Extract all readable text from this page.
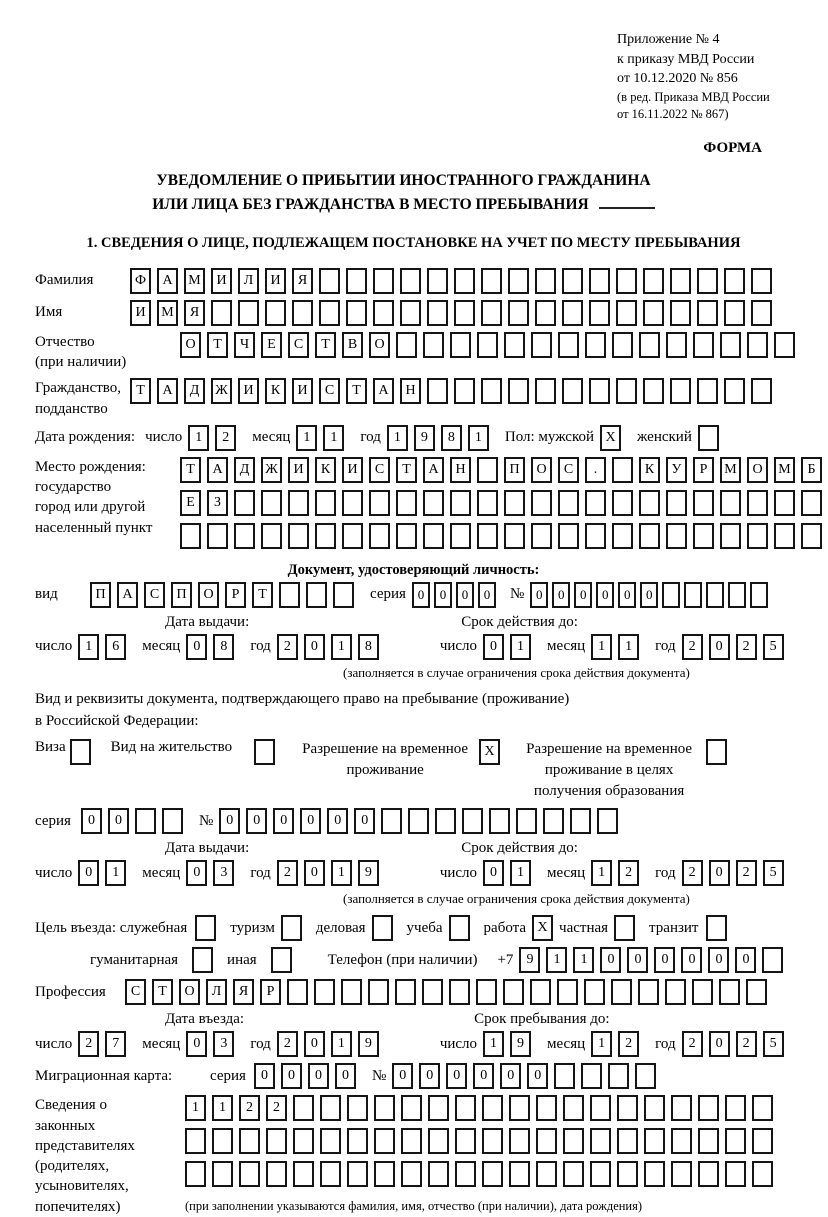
Приложение № 4
к приказу МВД России
от 10.12.2020 № 856
(в ред. Приказа МВД России
от 16.11.2022 № 867)
ФОРМА
УВЕДОМЛЕНИЕ О ПРИБЫТИИ ИНОСТРАННОГО ГРАЖДАНИНА
ИЛИ ЛИЦА БЕЗ ГРАЖДАНСТВА В МЕСТО ПРЕБЫВАНИЯ
1. СВЕДЕНИЯ О ЛИЦЕ, ПОДЛЕЖАЩЕМ ПОСТАНОВКЕ НА УЧЕТ ПО МЕСТУ ПРЕБЫВАНИЯ
Фамилия	Ф	А	М	И	Л	И	Я
Имя	И	М	Я
Отчество
(при наличии)
О	Т	Ч	Е	С	Т	В	О
Гражданство,
подданство
Т	А	Д	Ж	И	К	И	С	Т	А	Н
Дата рождения: число 1	2	месяц 1	1	год 1	9	8	1	Пол: мужской X	женский
Место рождения:
государство
город или другой
населенный пункт
Т	А	Д	Ж	И	К	И	С	Т	А	Н	П	О	С	.	К	У	Р	М	О	М	Б
Е	З
Документ, удостоверяющий личность:
вид	П	А	С	П	О	Р	Т	серия 0	0	0	0	№ 0	0	0	0	0	0
Дата выдачи:	Срок действия до:
число 1	6	месяц 0	8	год 2	0	1	8	число 0	1	месяц 1	1	год 2	0	2	5
(заполняется в случае ограничения срока действия документа)
Вид и реквизиты документа, подтверждающего право на пребывание (проживание)
в Российской Федерации:
Виза	Вид на жительство	Разрешение на временное проживание
X	Разрешение на временное проживание в целях получения образования
серия	0	0	№ 0	0	0	0	0	0
Дата выдачи:	Срок действия до:
число 0	1	месяц 0	3	год 2	0	1	9	число 0	1	месяц 1	2	год 2	0	2	5
(заполняется в случае ограничения срока действия документа)
Цель въезда: служебная	туризм	деловая	учеба	работа X частная	транзит
гуманитарная	иная	Телефон (при наличии) +7 9	1	1	0	0	0	0	0	0
Профессия	С	Т	О	Л	Я	Р
Дата въезда:	Срок пребывания до:
число 2	7	месяц 0	3	год 2	0	1	9	число 1	9	месяц 1	2	год 2	0	2	5
Миграционная карта:	серия	0	0	0	0	№ 0	0	0	0	0	0
Сведения о
законных
представителях
(родителях,
усыновителях,
попечителях)
1	1	2	2
(при заполнении указываются фамилия, имя, отчество (при наличии), дата рождения)
